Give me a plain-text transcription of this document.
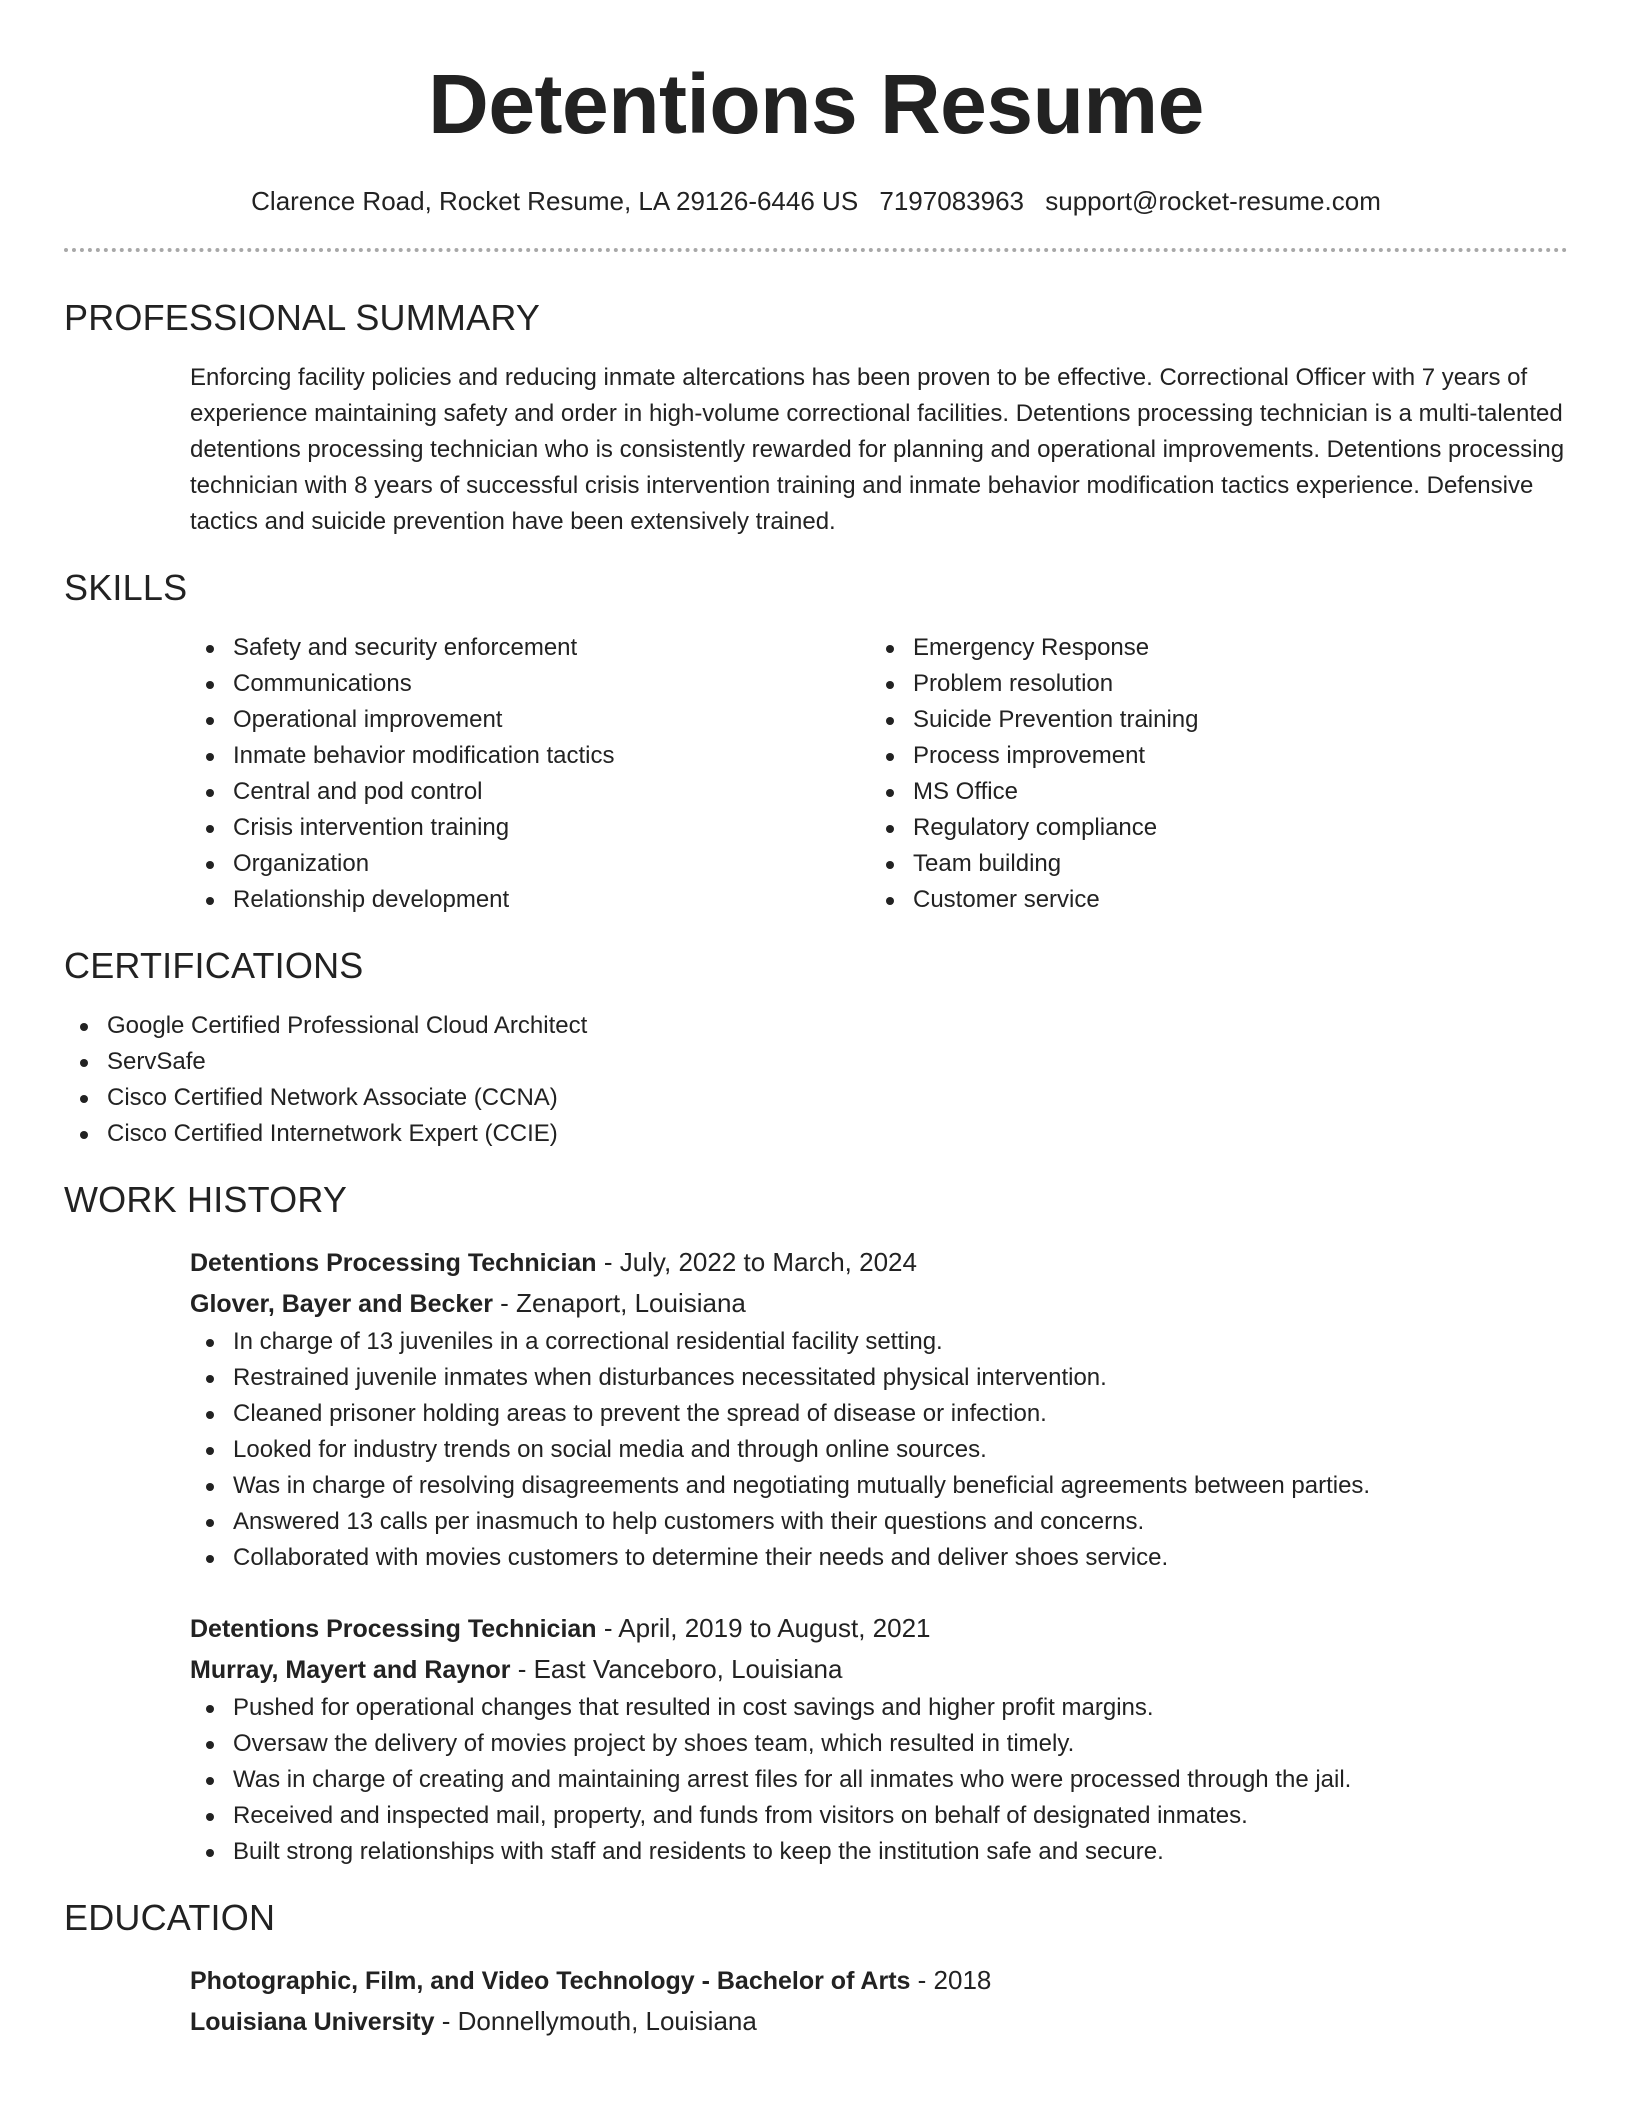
Detentions Resume
Clarence Road, Rocket Resume, LA 29126-6446 US 7197083963 support@rocket-resume.com
PROFESSIONAL SUMMARY
Enforcing facility policies and reducing inmate altercations has been proven to be effective. Correctional Officer with 7 years of experience maintaining safety and order in high-volume correctional facilities. Detentions processing technician is a multi-talented detentions processing technician who is consistently rewarded for planning and operational improvements. Detentions processing technician with 8 years of successful crisis intervention training and inmate behavior modification tactics experience. Defensive tactics and suicide prevention have been extensively trained.
SKILLS
Safety and security enforcement
Communications
Operational improvement
Inmate behavior modification tactics
Central and pod control
Crisis intervention training
Organization
Relationship development
Emergency Response
Problem resolution
Suicide Prevention training
Process improvement
MS Office
Regulatory compliance
Team building
Customer service
CERTIFICATIONS
Google Certified Professional Cloud Architect
ServSafe
Cisco Certified Network Associate (CCNA)
Cisco Certified Internetwork Expert (CCIE)
WORK HISTORY
Detentions Processing Technician - July, 2022 to March, 2024
Glover, Bayer and Becker - Zenaport, Louisiana
In charge of 13 juveniles in a correctional residential facility setting.
Restrained juvenile inmates when disturbances necessitated physical intervention.
Cleaned prisoner holding areas to prevent the spread of disease or infection.
Looked for industry trends on social media and through online sources.
Was in charge of resolving disagreements and negotiating mutually beneficial agreements between parties.
Answered 13 calls per inasmuch to help customers with their questions and concerns.
Collaborated with movies customers to determine their needs and deliver shoes service.
Detentions Processing Technician - April, 2019 to August, 2021
Murray, Mayert and Raynor - East Vanceboro, Louisiana
Pushed for operational changes that resulted in cost savings and higher profit margins.
Oversaw the delivery of movies project by shoes team, which resulted in timely.
Was in charge of creating and maintaining arrest files for all inmates who were processed through the jail.
Received and inspected mail, property, and funds from visitors on behalf of designated inmates.
Built strong relationships with staff and residents to keep the institution safe and secure.
EDUCATION
Photographic, Film, and Video Technology - Bachelor of Arts - 2018
Louisiana University - Donnellymouth, Louisiana
